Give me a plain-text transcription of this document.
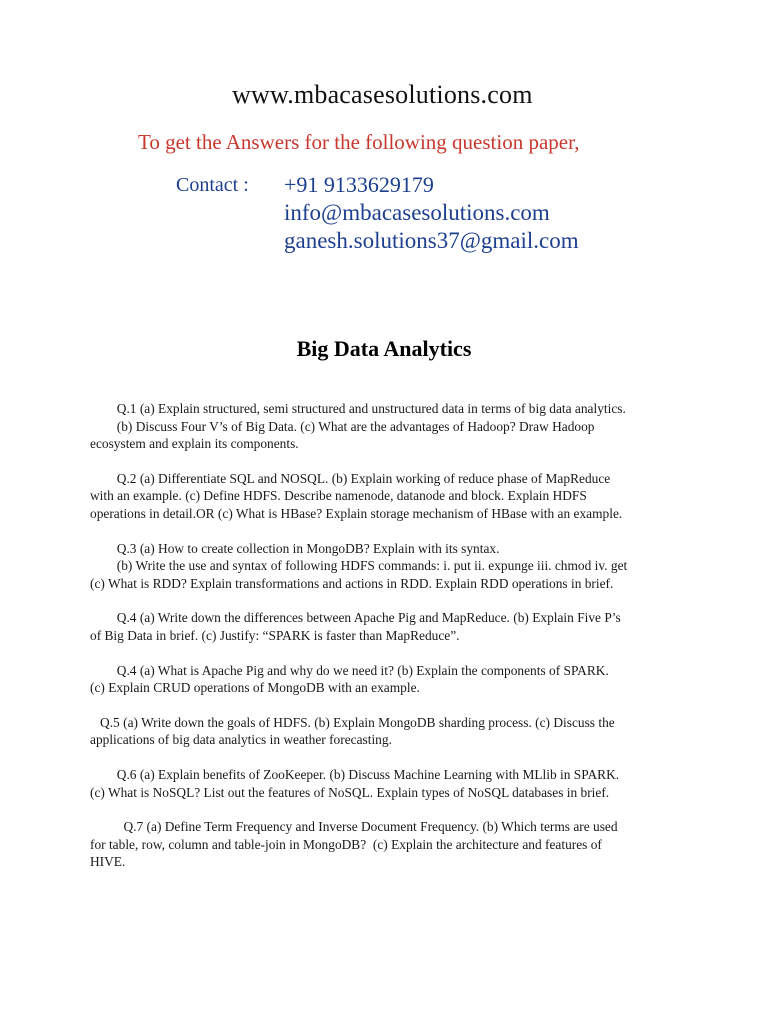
www.mbacasesolutions.com
To get the Answers for the following question paper,
Contact : +91 9133629179
info@mbacasesolutions.com
ganesh.solutions37@gmail.com
Big Data Analytics
Q.1 (a) Explain structured, semi structured and unstructured data in terms of big data analytics.
(b) Discuss Four V’s of Big Data. (c) What are the advantages of Hadoop? Draw Hadoop
ecosystem and explain its components.
Q.2 (a) Differentiate SQL and NOSQL. (b) Explain working of reduce phase of MapReduce
with an example. (c) Define HDFS. Describe namenode, datanode and block. Explain HDFS
operations in detail.OR (c) What is HBase? Explain storage mechanism of HBase with an example.
Q.3 (a) How to create collection in MongoDB? Explain with its syntax.
(b) Write the use and syntax of following HDFS commands: i. put ii. expunge iii. chmod iv. get
(c) What is RDD? Explain transformations and actions in RDD. Explain RDD operations in brief.
Q.4 (a) Write down the differences between Apache Pig and MapReduce. (b) Explain Five P’s
of Big Data in brief. (c) Justify: “SPARK is faster than MapReduce”.
Q.4 (a) What is Apache Pig and why do we need it? (b) Explain the components of SPARK.
(c) Explain CRUD operations of MongoDB with an example.
Q.5 (a) Write down the goals of HDFS. (b) Explain MongoDB sharding process. (c) Discuss the
applications of big data analytics in weather forecasting.
Q.6 (a) Explain benefits of ZooKeeper. (b) Discuss Machine Learning with MLlib in SPARK.
(c) What is NoSQL? List out the features of NoSQL. Explain types of NoSQL databases in brief.
Q.7 (a) Define Term Frequency and Inverse Document Frequency. (b) Which terms are used
for table, row, column and table-join in MongoDB?  (c) Explain the architecture and features of
HIVE.
